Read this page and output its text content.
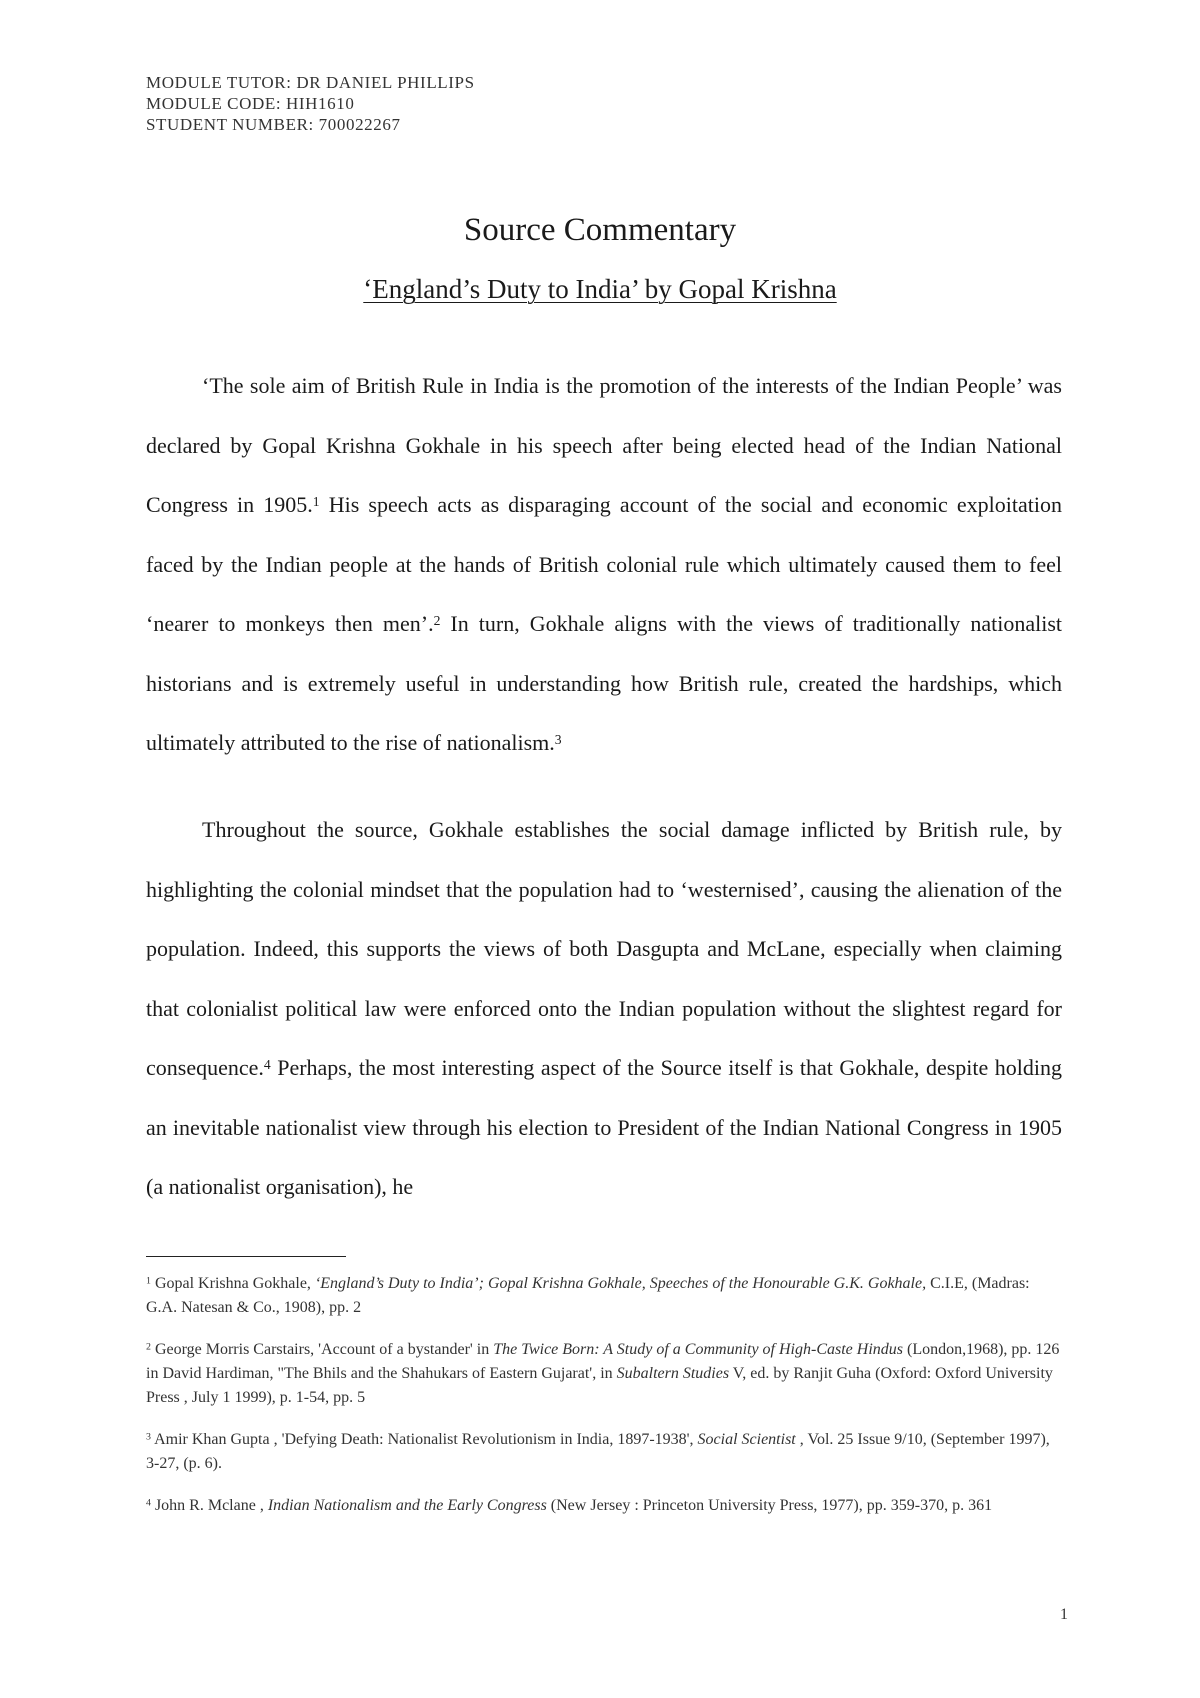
MODULE TUTOR: DR DANIEL PHILLIPS
MODULE CODE: HIH1610
STUDENT NUMBER: 700022267
Source Commentary
‘England’s Duty to India’ by Gopal Krishna

‘The sole aim of British Rule in India is the promotion of the interests of the Indian People’ was declared by Gopal Krishna Gokhale in his speech after being elected head of the Indian National Congress in 1905.$^1$ His speech acts as disparaging account of the social and economic exploitation faced by the Indian people at the hands of British colonial rule which ultimately caused them to feel ‘nearer to monkeys then men’.$^2$ In turn, Gokhale aligns with the views of traditionally nationalist historians and is extremely useful in understanding how British rule, created the hardships, which ultimately attributed to the rise of nationalism.$^3$

Throughout the source, Gokhale establishes the social damage inflicted by British rule, by highlighting the colonial mindset that the population had to ‘westernised’, causing the alienation of the population. Indeed, this supports the views of both Dasgupta and McLane, especially when claiming that colonialist political law were enforced onto the Indian population without the slightest regard for consequence.$^4$ Perhaps, the most interesting aspect of the Source itself is that Gokhale, despite holding an inevitable nationalist view through his election to President of the Indian National Congress in 1905 (a nationalist organisation), he

$^1$ Gopal Krishna Gokhale, ‘England’s Duty to India’; Gopal Krishna Gokhale, Speeches of the Honourable G.K. Gokhale, C.I.E, (Madras: G.A. Natesan & Co., 1908), pp. 2

$^2$ George Morris Carstairs, 'Account of a bystander' in The Twice Born: A Study of a Community of High-Caste Hindus (London,1968), pp. 126 in David Hardiman, "The Bhils and the Shahukars of Eastern Gujarat', in Subaltern Studies V, ed. by Ranjit Guha (Oxford: Oxford University Press , July 1 1999), p. 1-54, pp. 5

$^3$ Amir Khan Gupta , 'Defying Death: Nationalist Revolutionism in India, 1897-1938', Social Scientist , Vol. 25 Issue 9/10, (September 1997), 3-27, (p. 6).

$^4$ John R. Mclane , Indian Nationalism and the Early Congress (New Jersey : Princeton University Press, 1977), pp. 359-370, p. 361

1
